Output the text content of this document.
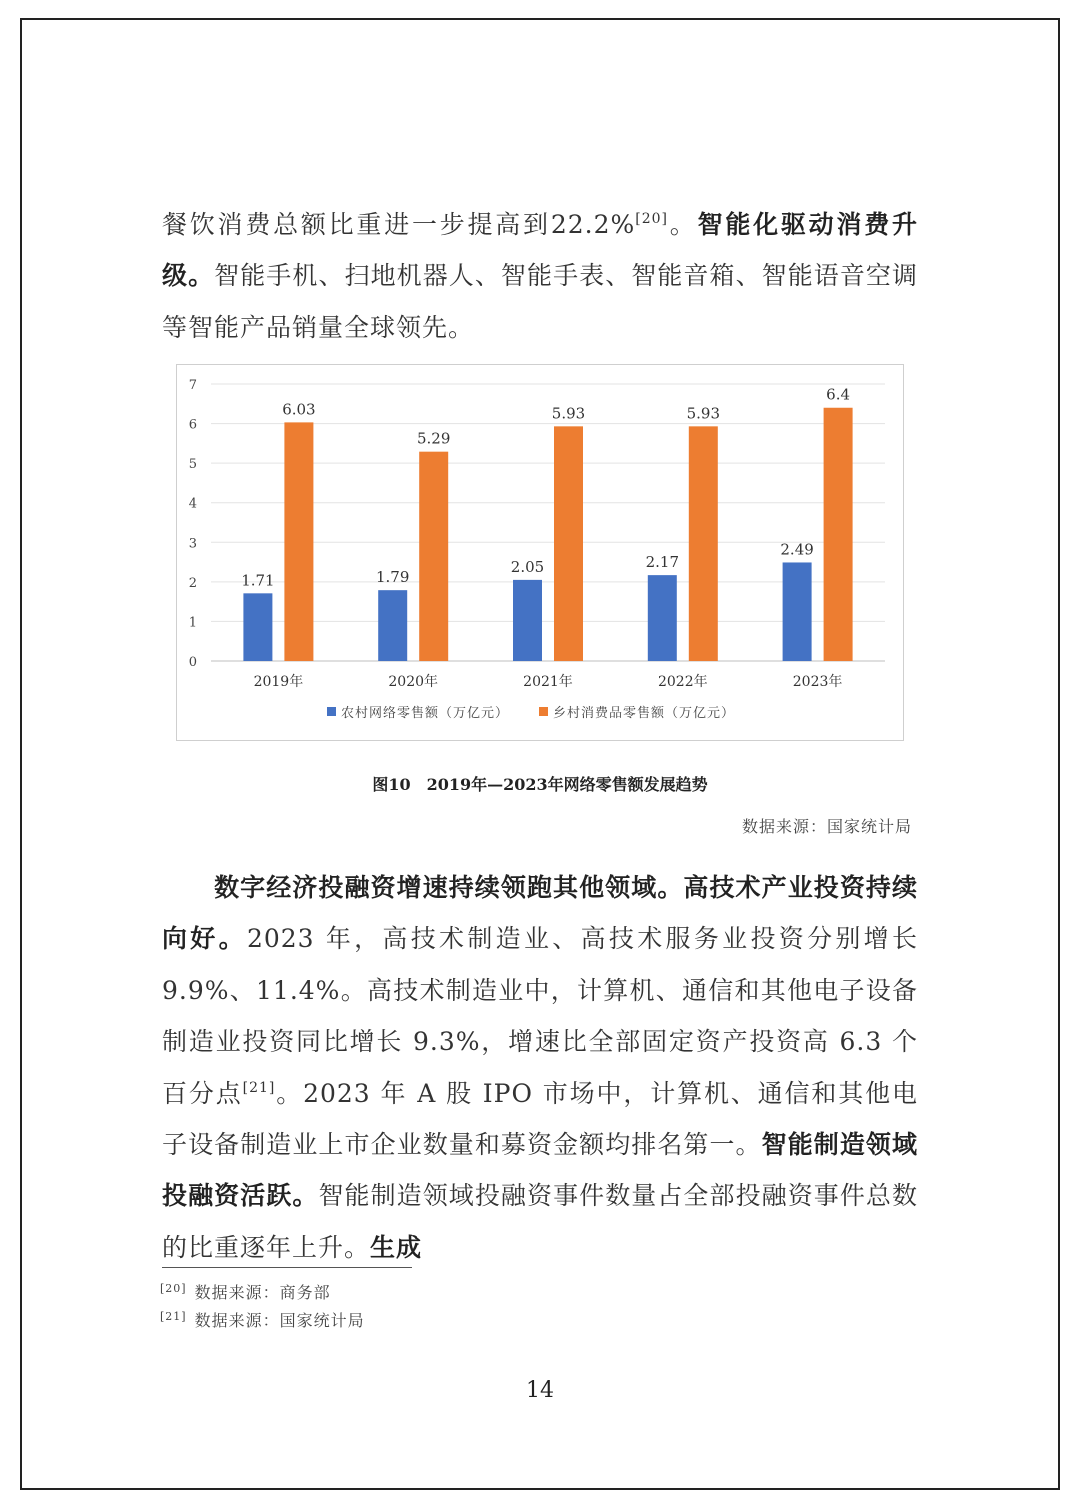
餐饮消费总额比重进一步提高到22.2%[20]。智能化驱动消费升级。智能手机、扫地机器人、智能手表、智能音箱、智能语音空调等智能产品销量全球领先。

0
1
2
3
4
5
6
7
1.71
6.03
2019年
1.79
5.29
2020年
2.05
5.93
2021年
2.17
5.93
2022年
2.49
6.4
2023年
农村网络零售额（万亿元）	乡村消费品零售额（万亿元）
图10　2019年—2023年网络零售额发展趋势
数据来源：国家统计局

数字经济投融资增速持续领跑其他领域。高技术产业投资持续向好。2023 年，高技术制造业、高技术服务业投资分别增长 9.9%、11.4%。高技术制造业中，计算机、通信和其他电子设备制造业投资同比增长 9.3%，增速比全部固定资产投资高 6.3 个百分点[21]。2023 年 A 股 IPO 市场中，计算机、通信和其他电子设备制造业上市企业数量和募资金额均排名第一。智能制造领域投融资活跃。智能制造领域投融资事件数量占全部投融资事件总数的比重逐年上升。生成

[20] 数据来源：商务部
[21] 数据来源：国家统计局
14
